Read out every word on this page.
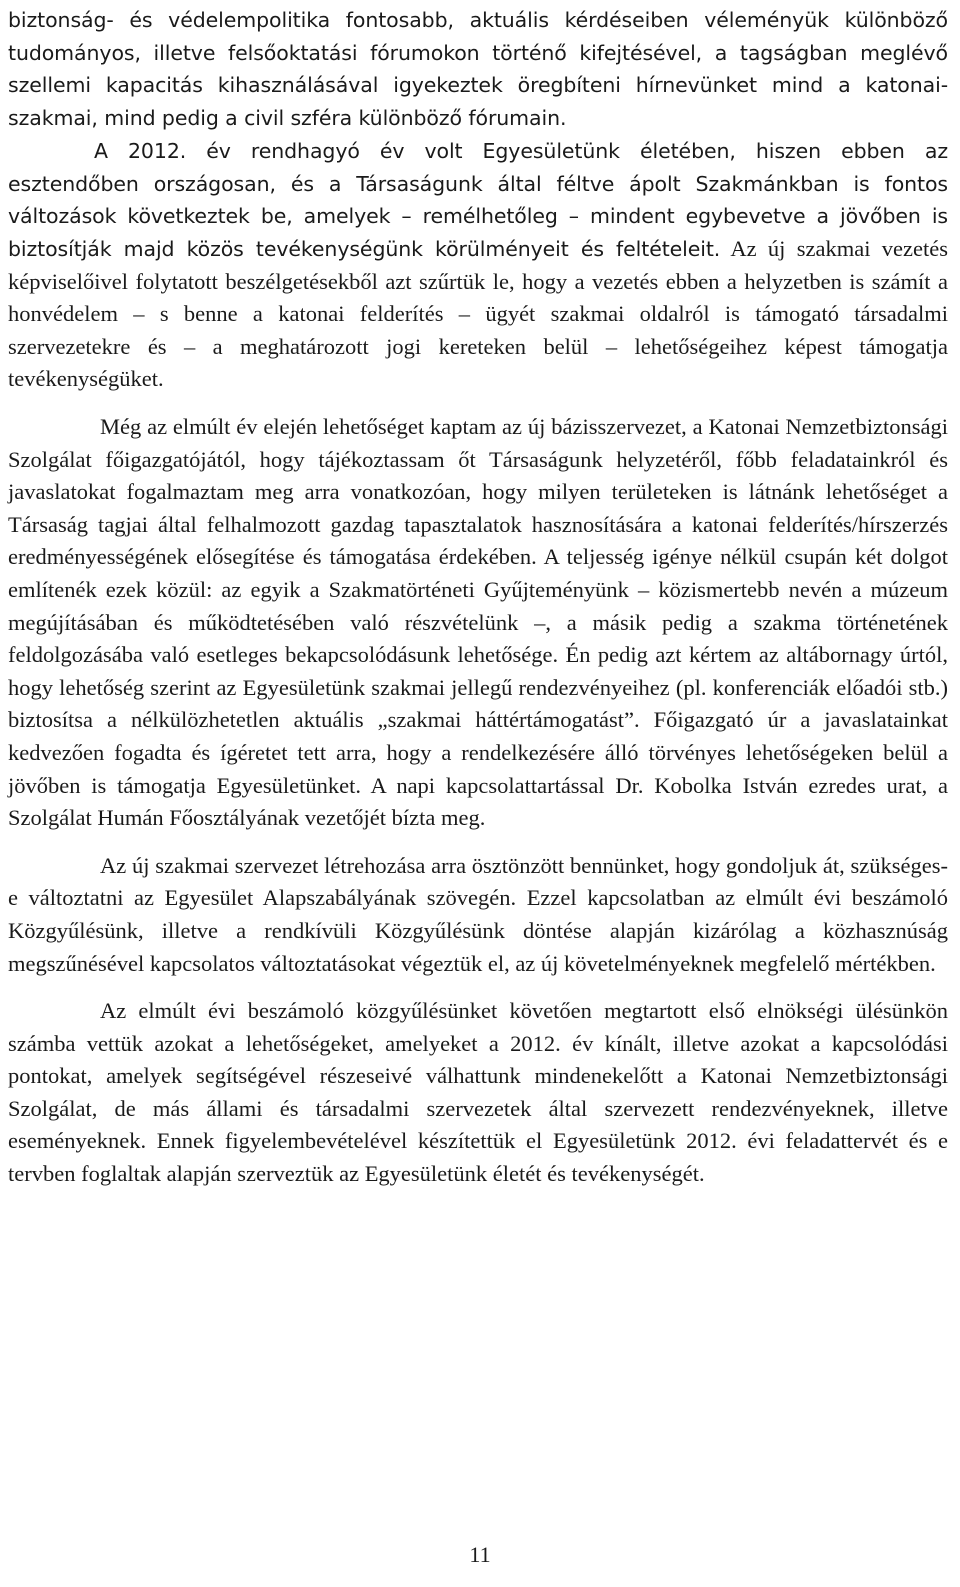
biztonság- és védelempolitika fontosabb, aktuális kérdéseiben véleményük különböző tudományos, illetve felsőoktatási fórumokon történő kifejtésével, a tagságban meglévő szellemi kapacitás kihasználásával igyekeztek öregbíteni hírnevünket mind a katonai-szakmai, mind pedig a civil szféra különböző fórumain.

A 2012. év rendhagyó év volt Egyesületünk életében, hiszen ebben az esztendőben országosan, és a Társaságunk által féltve ápolt Szakmánkban is fontos változások következtek be, amelyek – remélhetőleg – mindent egybevetve a jövőben is biztosítják majd közös tevékenységünk körülményeit és feltételeit. Az új szakmai vezetés képviselőivel folytatott beszélgetésekből azt szűrtük le, hogy a vezetés ebben a helyzetben is számít a honvédelem – s benne a katonai felderítés – ügyét szakmai oldalról is támogató társadalmi szervezetekre és – a meghatározott jogi kereteken belül – lehetőségeihez képest támogatja tevékenységüket.

Még az elmúlt év elején lehetőséget kaptam az új bázisszervezet, a Katonai Nemzetbiztonsági Szolgálat főigazgatójától, hogy tájékoztassam őt Társaságunk helyzetéről, főbb feladatainkról és javaslatokat fogalmaztam meg arra vonatkozóan, hogy milyen területeken is látnánk lehetőséget a Társaság tagjai által felhalmozott gazdag tapasztalatok hasznosítására a katonai felderítés/hírszerzés eredményességének elősegítése és támogatása érdekében. A teljesség igénye nélkül csupán két dolgot említenék ezek közül: az egyik a Szakmatörténeti Gyűjteményünk – közismertebb nevén a múzeum megújításában és működtetésében való részvételünk –, a másik pedig a szakma történetének feldolgozásába való esetleges bekapcsolódásunk lehetősége. Én pedig azt kértem az altábornagy úrtól, hogy lehetőség szerint az Egyesületünk szakmai jellegű rendezvényeihez (pl. konferenciák előadói stb.) biztosítsa a nélkülözhetetlen aktuális „szakmai háttértámogatást”. Főigazgató úr a javaslatainkat kedvezően fogadta és ígéretet tett arra, hogy a rendelkezésére álló törvényes lehetőségeken belül a jövőben is támogatja Egyesületünket. A napi kapcsolattartással Dr. Kobolka István ezredes urat, a Szolgálat Humán Főosztályának vezetőjét bízta meg.

Az új szakmai szervezet létrehozása arra ösztönzött bennünket, hogy gondoljuk át, szükséges-e változtatni az Egyesület Alapszabályának szövegén. Ezzel kapcsolatban az elmúlt évi beszámoló Közgyűlésünk, illetve a rendkívüli Közgyűlésünk döntése alapján kizárólag a közhasznúság megszűnésével kapcsolatos változtatásokat végeztük el, az új követelményeknek megfelelő mértékben.

Az elmúlt évi beszámoló közgyűlésünket követően megtartott első elnökségi ülésünkön számba vettük azokat a lehetőségeket, amelyeket a 2012. év kínált, illetve azokat a kapcsolódási pontokat, amelyek segítségével részeseivé válhattunk mindenekelőtt a Katonai Nemzetbiztonsági Szolgálat, de más állami és társadalmi szervezetek által szervezett rendezvényeknek, illetve eseményeknek. Ennek figyelembevételével készítettük el Egyesületünk 2012. évi feladattervét és e tervben foglaltak alapján szerveztük az Egyesületünk életét és tevékenységét.

11
